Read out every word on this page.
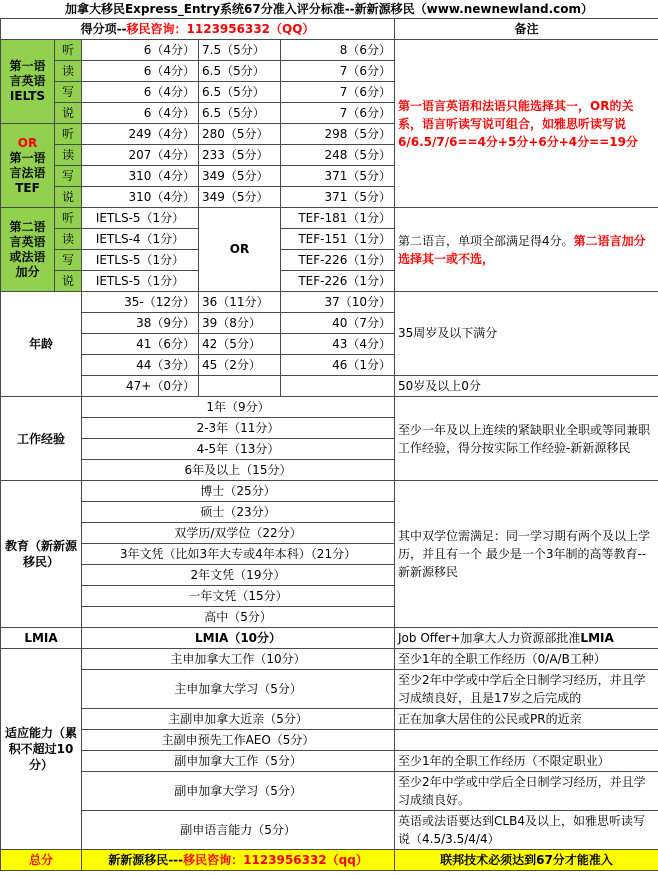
加拿大移民Express_Entry系统67分准入评分标准--新新源移民（www.newnewland.com）
得分项--移民咨询：1123956332（QQ）					备注
第一语言英语IELTS	听	6（4分）	7.5（5分）	8（6分）	第一语言英语和法语只能选择其一，OR的关系，语言听读写说可组合，如雅思听读写说6/6.5/7/6==4分+5分+6分+4分==19分
	读	6（4分）	6.5（5分）	7（6分）	
	写	6（4分）	6.5（5分）	7（6分）	
	说	6（4分）	6.5（5分）	7（6分）	
OR
第一语言法语TEF	听	249（4分）	280（5分）	298（5分）	
	读	207（4分）	233（5分）	248（5分）	
	写	310（4分）	349（5分）	371（5分）	
	说	310（4分）	349（5分）	371（5分）	
第二语言英语或法语加分	听	IETLS-5（1分）	OR	TEF-181（1分）	第二语言，单项全部满足得4分。第二语言加分选择其一或不选，
	读	IETLS-4（1分）		TEF-151（1分）	
	写	IETLS-5（1分）		TEF-226（1分）	
	说	IETLS-5（1分）		TEF-226（1分）	
年龄		35-（12分）	36（11分）	37（10分）	35周岁及以下满分
		38（9分）	39（8分）	40（7分）	
		41（6分）	42（5分）	43（4分）	
		44（3分）	45（2分）	46（1分）	
		47+（0分）			50岁及以上0分
工作经验		1年（9分）			至少一年及以上连续的紧缺职业全职或等同兼职工作经验，得分按实际工作经验-新新源移民
		2-3年（11分）			
		4-5年（13分）			
		6年及以上（15分）			
教育（新新源移民）		博士（25分）			其中双学位需满足：同一学习期有两个及以上学历，并且有一个 最少是一个3年制的高等教育--新新源移民
		硕士（23分）			
		双学历/双学位（22分）			
		3年文凭（比如3年大专或4年本科）（21分）			
		2年文凭（19分）			
		一年文凭（15分）			
		高中（5分）			
LMIA		LMIA（10分）			Job Offer+加拿大人力资源部批准LMIA
适应能力（累积不超过10分）		主申加拿大工作（10分）			至少1年的全职工作经历（0/A/B工种）
		主申加拿大学习（5分）			至少2年中学或中学后全日制学习经历，并且学习成绩良好，且是17岁之后完成的
		主副申加拿大近亲（5分）			正在加拿大居住的公民或PR的近亲
		主副申预先工作AEO（5分）			
		副申加拿大工作（5分）			至少1年的全职工作经历（不限定职业）
		副申加拿大学习（5分）			至少2年中学或中学后全日制学习经历，并且学习成绩良好。
		副申语言能力（5分）			英语或法语要达到CLB4及以上，如雅思听读写说（4.5/3.5/4/4）
总分		新新源移民---移民咨询：1123956332（qq）			联邦技术必须达到67分才能准入
